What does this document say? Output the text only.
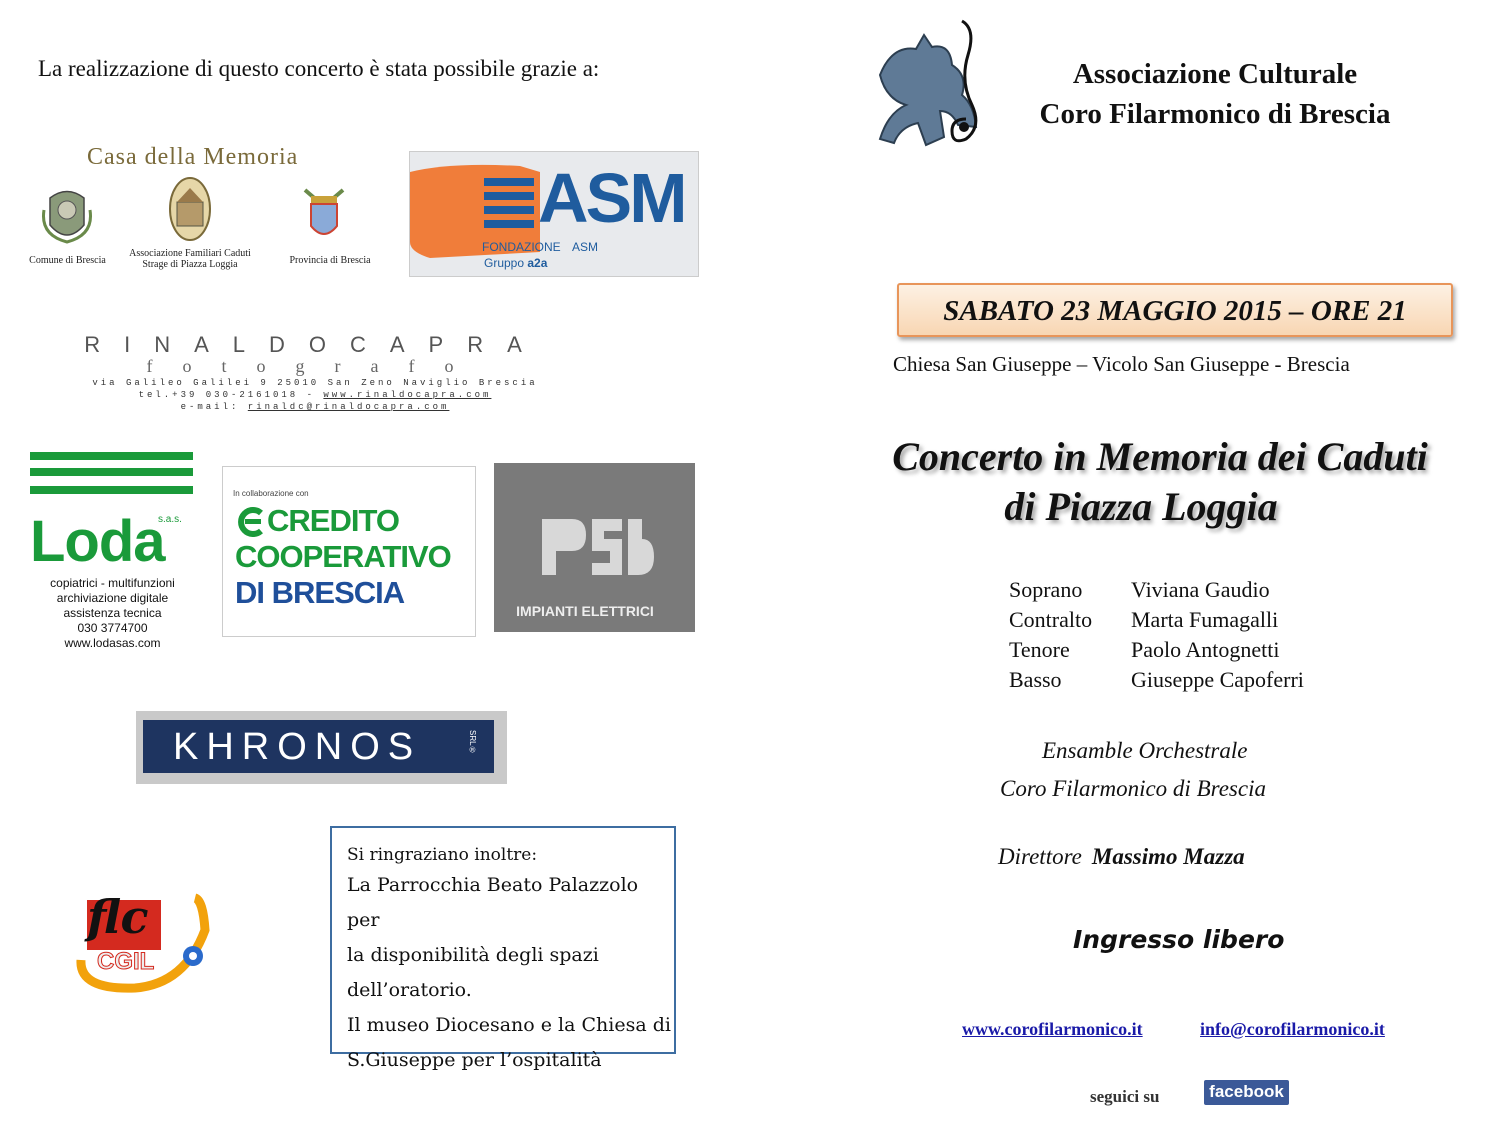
La realizzazione di questo concerto è stata possibile grazie a:
Casa della Memoria
Comune di Brescia
Associazione Familiari Caduti
Strage di Piazza Loggia	Provincia di Brescia
ASM
FONDAZIONE ASM
Gruppo a2a
RINALDOCAPRA
fotografo
via Galileo Galilei 9 25010 San Zeno Naviglio Brescia
tel.+39 030-2161018 - www.rinaldocapra.com
e-mail: rinaldc@rinaldocapra.com
s.a.s.
Loda
copiatrici - multifunzioni
archiviazione digitale
assistenza tecnica
030 3774700
www.lodasas.com
In collaborazione con
CREDITO
COOPERATIVO
DI BRESCIA
IMPIANTI ELETTRICI
KHRONOS	SRL®
flc
CGIL
Si ringraziano inoltre:
La Parrocchia Beato Palazzolo per
la disponibilità degli spazi
dell’oratorio.
Il museo Diocesano e la Chiesa di
S.Giuseppe per l’ospitalità
Associazione Culturale
Coro Filarmonico di Brescia
SABATO 23 MAGGIO 2015 – ORE 21
Chiesa San Giuseppe – Vicolo San Giuseppe - Brescia
Concerto in Memoria dei Caduti
di Piazza Loggia
Soprano	Viviana Gaudio
Contralto	Marta Fumagalli
Tenore	Paolo Antognetti
Basso	Giuseppe Capoferri
Ensamble Orchestrale
Coro Filarmonico di Brescia
Direttore Massimo Mazza
Ingresso libero
www.corofilarmonico.it	info@corofilarmonico.it
seguici su	facebook
